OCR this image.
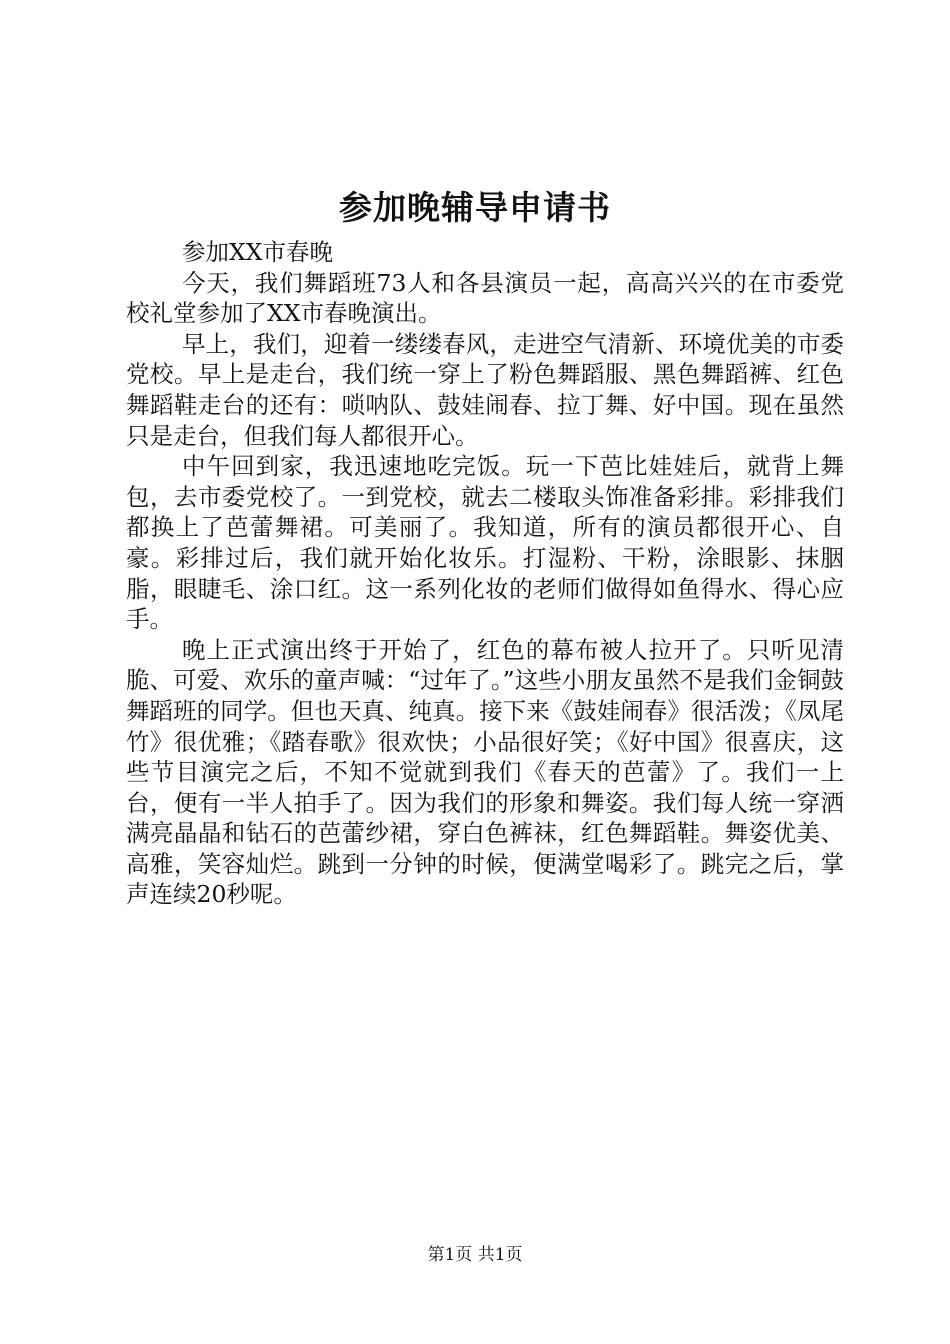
参加晚辅导申请书

参加XX市春晚

今天，我们舞蹈班73人和各县演员一起，高高兴兴的在市委党校礼堂参加了XX市春晚演出。

早上，我们，迎着一缕缕春风，走进空气清新、环境优美的市委党校。早上是走台，我们统一穿上了粉色舞蹈服、黑色舞蹈裤、红色舞蹈鞋走台的还有：唢呐队、鼓娃闹春、拉丁舞、好中国。现在虽然只是走台，但我们每人都很开心。

中午回到家，我迅速地吃完饭。玩一下芭比娃娃后，就背上舞包，去市委党校了。一到党校，就去二楼取头饰准备彩排。彩排我们都换上了芭蕾舞裙。可美丽了。我知道，所有的演员都很开心、自豪。彩排过后，我们就开始化妆乐。打湿粉、干粉，涂眼影、抹胭脂，眼睫毛、涂口红。这一系列化妆的老师们做得如鱼得水、得心应手。

晚上正式演出终于开始了，红色的幕布被人拉开了。只听见清脆、可爱、欢乐的童声喊：“过年了。”这些小朋友虽然不是我们金铜鼓舞蹈班的同学。但也天真、纯真。接下来《鼓娃闹春》很活泼；《凤尾竹》很优雅；《踏春歌》很欢快；小品很好笑；《好中国》很喜庆，这些节目演完之后，不知不觉就到我们《春天的芭蕾》了。我们一上台，便有一半人拍手了。因为我们的形象和舞姿。我们每人统一穿洒满亮晶晶和钻石的芭蕾纱裙，穿白色裤袜，红色舞蹈鞋。舞姿优美、高雅，笑容灿烂。跳到一分钟的时候，便满堂喝彩了。跳完之后，掌声连续20秒呢。

第1页 共1页
